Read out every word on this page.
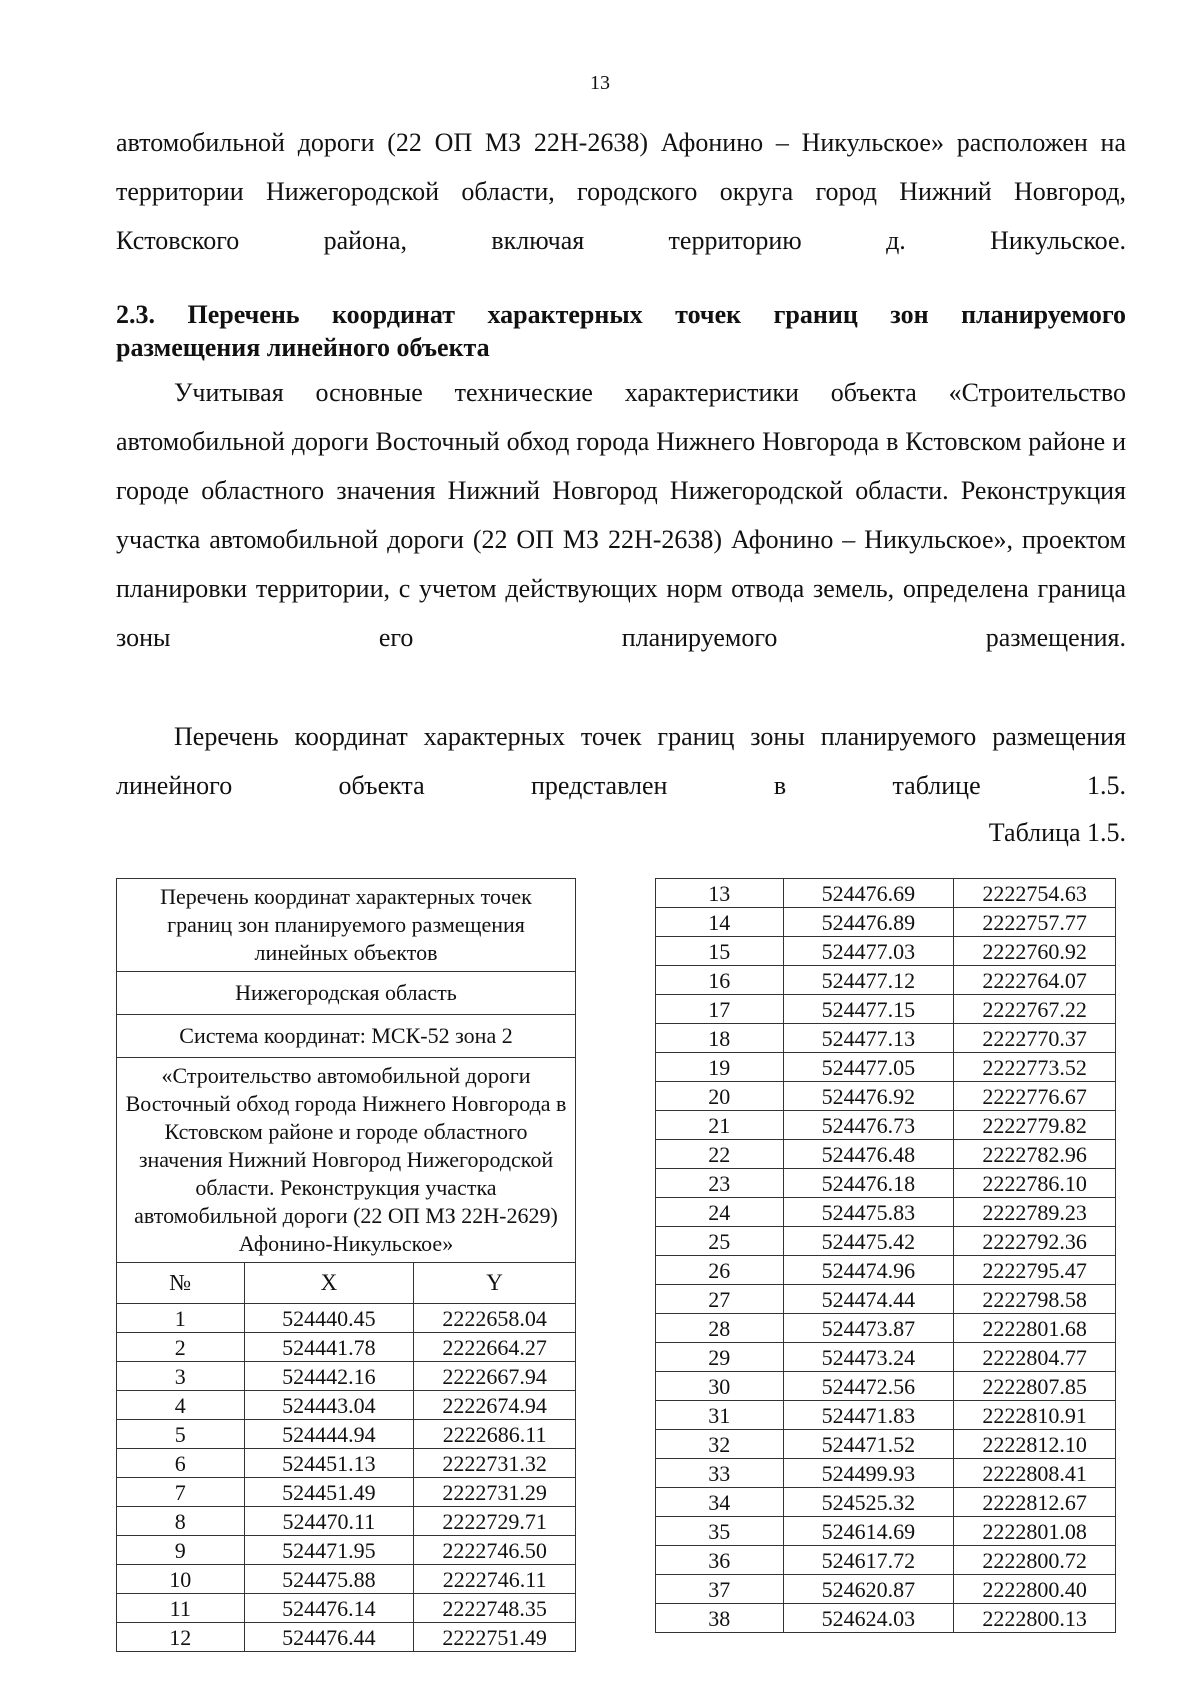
13

автомобильной дороги (22 ОП МЗ 22Н-2638) Афонино – Никульское» расположен на территории Нижегородской области, городского округа город Нижний Новгород, Кстовского района, включая территорию д. Никульское.

2.3. Перечень координат характерных точек границ зон планируемого
размещения линейного объекта

Учитывая основные технические характеристики объекта «Строительство автомобильной дороги Восточный обход города Нижнего Новгорода в Кстовском районе и городе областного значения Нижний Новгород Нижегородской области. Реконструкция участка автомобильной дороги (22 ОП МЗ 22Н-2638) Афонино – Никульское», проектом планировки территории, с учетом действующих норм отвода земель, определена граница зоны его планируемого размещения.

Перечень координат характерных точек границ зоны планируемого размещения линейного объекта представлен в таблице 1.5.

Таблица 1.5.
Перечень координат характерных точек границ зон планируемого размещения линейных объектов		
Нижегородская область		
Система координат: МСК-52 зона 2		
«Строительство автомобильной дороги Восточный обход города Нижнего Новгорода в Кстовском районе и городе областного значения Нижний Новгород Нижегородской области. Реконструкция участка автомобильной дороги (22 ОП МЗ 22Н-2629) Афонино-Никульское»		
№	X	Y
1	524440.45	2222658.04
2	524441.78	2222664.27
3	524442.16	2222667.94
4	524443.04	2222674.94
5	524444.94	2222686.11
6	524451.13	2222731.32
7	524451.49	2222731.29
8	524470.11	2222729.71
9	524471.95	2222746.50
10	524475.88	2222746.11
11	524476.14	2222748.35
12	524476.44	2222751.49
13	524476.69	2222754.63
14	524476.89	2222757.77
15	524477.03	2222760.92
16	524477.12	2222764.07
17	524477.15	2222767.22
18	524477.13	2222770.37
19	524477.05	2222773.52
20	524476.92	2222776.67
21	524476.73	2222779.82
22	524476.48	2222782.96
23	524476.18	2222786.10
24	524475.83	2222789.23
25	524475.42	2222792.36
26	524474.96	2222795.47
27	524474.44	2222798.58
28	524473.87	2222801.68
29	524473.24	2222804.77
30	524472.56	2222807.85
31	524471.83	2222810.91
32	524471.52	2222812.10
33	524499.93	2222808.41
34	524525.32	2222812.67
35	524614.69	2222801.08
36	524617.72	2222800.72
37	524620.87	2222800.40
38	524624.03	2222800.13
